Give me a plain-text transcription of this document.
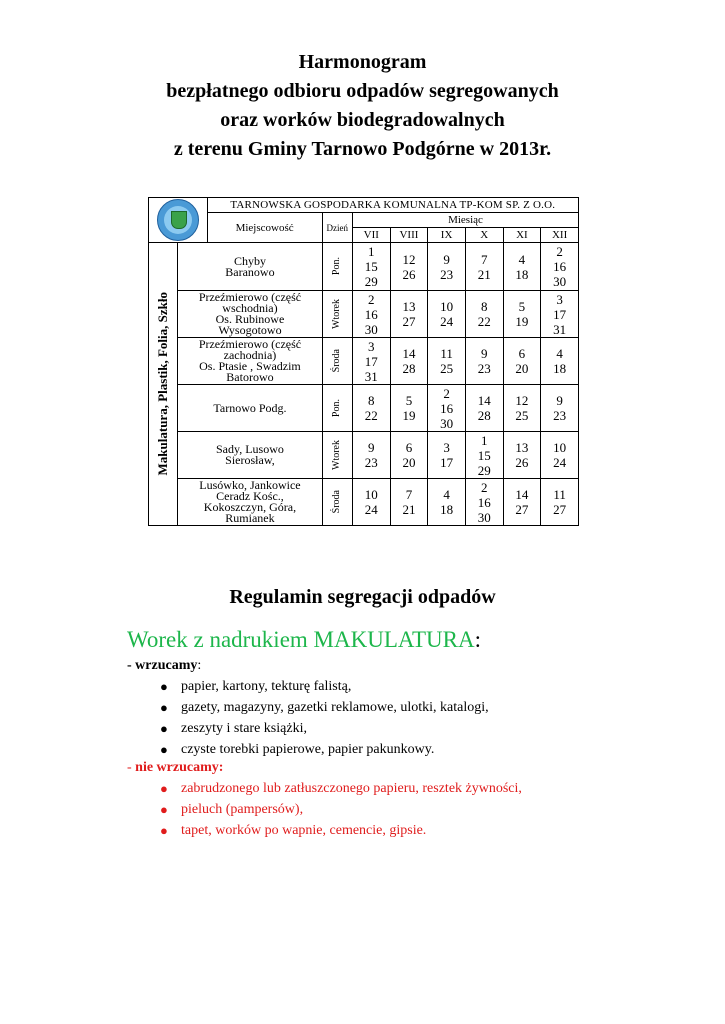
Harmonogram
bezpłatnego odbioru odpadów segregowanych
oraz worków biodegradowalnych
z terenu Gminy Tarnowo Podgórne w 2013r.
		TARNOWSKA GOSPODARKA KOMUNALNA TP-KOM SP. Z O.O.							
		Miejscowość	Dzień	Miesiąc					
				VII	VIII	IX	X	XI	XII

Makulatura, Plastik, Folia, Szkło	Chyby
Baranowo		Pon.	1
15
29	12
26	9
23	7
21	4
18	2
16
30
	Przeźmierowo (część
wschodnia)
Os. Rubinowe
Wysogotowo		Wtorek	2
16
30	13
27	10
24	8
22	5
19	3
17
31
	Przeźmierowo (część
zachodnia)
Os. Ptasie , Swadzim
Batorowo		Środa	3
17
31	14
28	11
25	9
23	6
20	4
18
	Tarnowo Podg.		Pon.	8
22	5
19	2
16
30	14
28	12
25	9
23
	Sady, Lusowo
Sierosław,		Wtorek	9
23	6
20	3
17	1
15
29	13
26	10
24
	Lusówko, Jankowice
Ceradz Kośc.,
Kokoszczyn, Góra,
Rumianek		Środa	10
24	7
21	4
18	2
16
30	14
27	11
27
Regulamin segregacji odpadów
Worek z nadrukiem MAKULATURA:
- wrzucamy:
● papier, kartony, tekturę falistą,
● gazety, magazyny, gazetki reklamowe, ulotki, katalogi,
● zeszyty i stare książki,
● czyste torebki papierowe, papier pakunkowy.
- nie wrzucamy:
● zabrudzonego lub zatłuszczonego papieru, resztek żywności,
● pieluch (pampersów),
● tapet, worków po wapnie, cemencie, gipsie.
